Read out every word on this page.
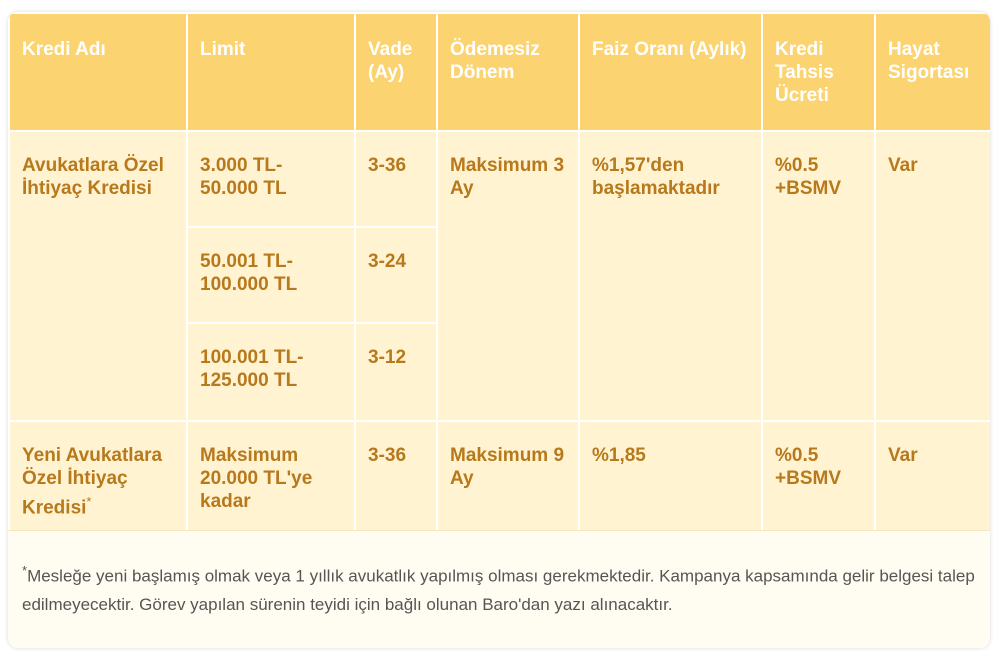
Kredi Adı	Limit	Vade (Ay)	Ödemesiz Dönem	Faiz Oranı (Aylık)	Kredi Tahsis Ücreti	Hayat Sigortası
Avukatlara Özel İhtiyaç Kredisi	3.000 TL- 50.000 TL	3-36	Maksimum 3 Ay	%1,57'den başlamaktadır	%0.5 +BSMV	Var
	50.001 TL- 100.000 TL	3-24				
	100.001 TL- 125.000 TL	3-12				
Yeni Avukatlara Özel İhtiyaç Kredisi*	Maksimum 20.000 TL'ye kadar	3-36	Maksimum 9 Ay	%1,85	%0.5 +BSMV	Var
*Mesleğe yeni başlamış olmak veya 1 yıllık avukatlık yapılmış olması gerekmektedir. Kampanya kapsamında gelir belgesi talep edilmeyecektir. Görev yapılan sürenin teyidi için bağlı olunan Baro'dan yazı alınacaktır.
